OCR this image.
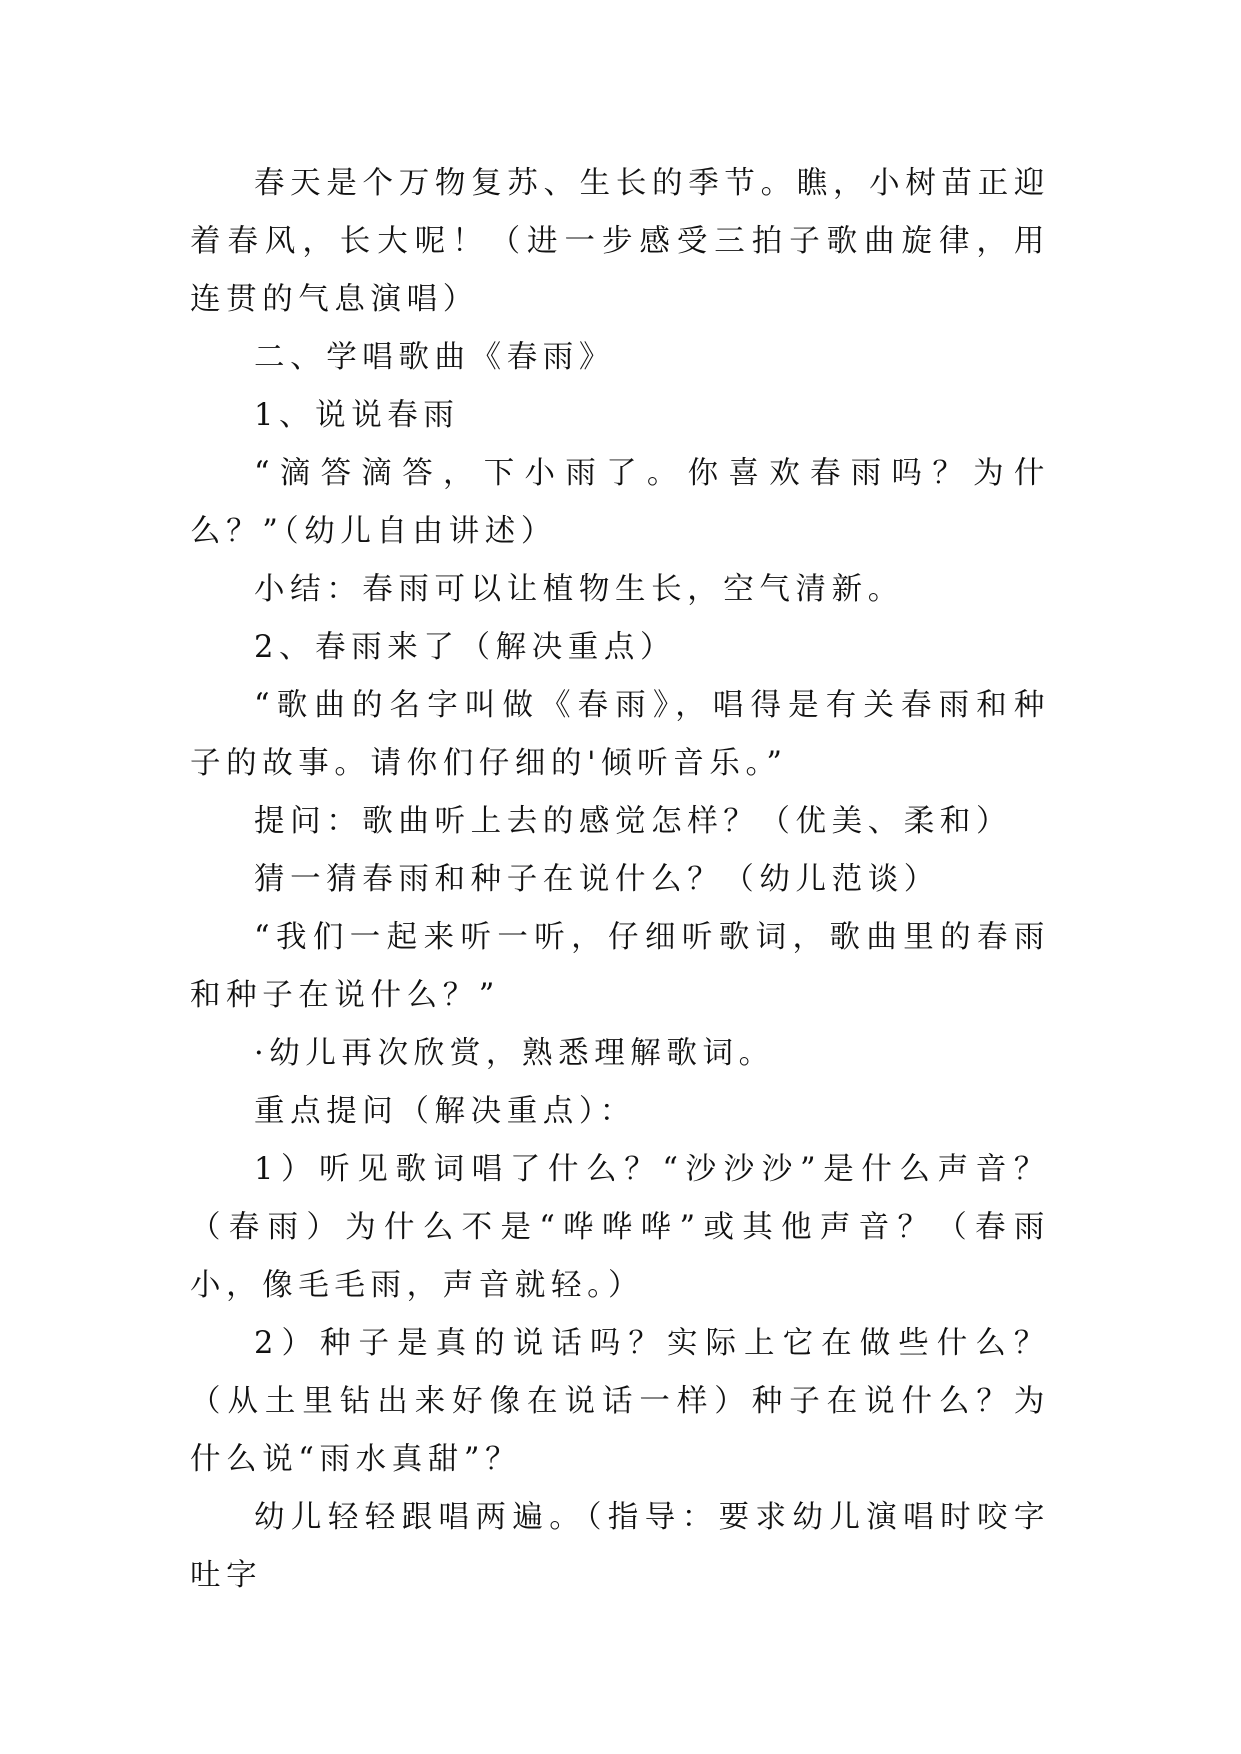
春天是个万物复苏、生长的季节。瞧，小树苗正迎着春风，长大呢！（进一步感受三拍子歌曲旋律，用连贯的气息演唱）

二、学唱歌曲《春雨》

1、说说春雨

“滴答滴答，下小雨了。你喜欢春雨吗？为什么？”（幼儿自由讲述）

小结：春雨可以让植物生长，空气清新。

2、春雨来了（解决重点）

“歌曲的名字叫做《春雨》，唱得是有关春雨和种子的故事。请你们仔细的'倾听音乐。”

提问：歌曲听上去的感觉怎样？（优美、柔和）

猜一猜春雨和种子在说什么？（幼儿范谈）

“我们一起来听一听，仔细听歌词，歌曲里的春雨和种子在说什么？”

·幼儿再次欣赏，熟悉理解歌词。

重点提问（解决重点）：

1）听见歌词唱了什么？“沙沙沙”是什么声音？（春雨）为什么不是“哗哗哗”或其他声音？（春雨小，像毛毛雨，声音就轻。）

2）种子是真的说话吗？实际上它在做些什么？（从土里钻出来好像在说话一样）种子在说什么？为什么说“雨水真甜”？

幼儿轻轻跟唱两遍。（指导：要求幼儿演唱时咬字吐字
